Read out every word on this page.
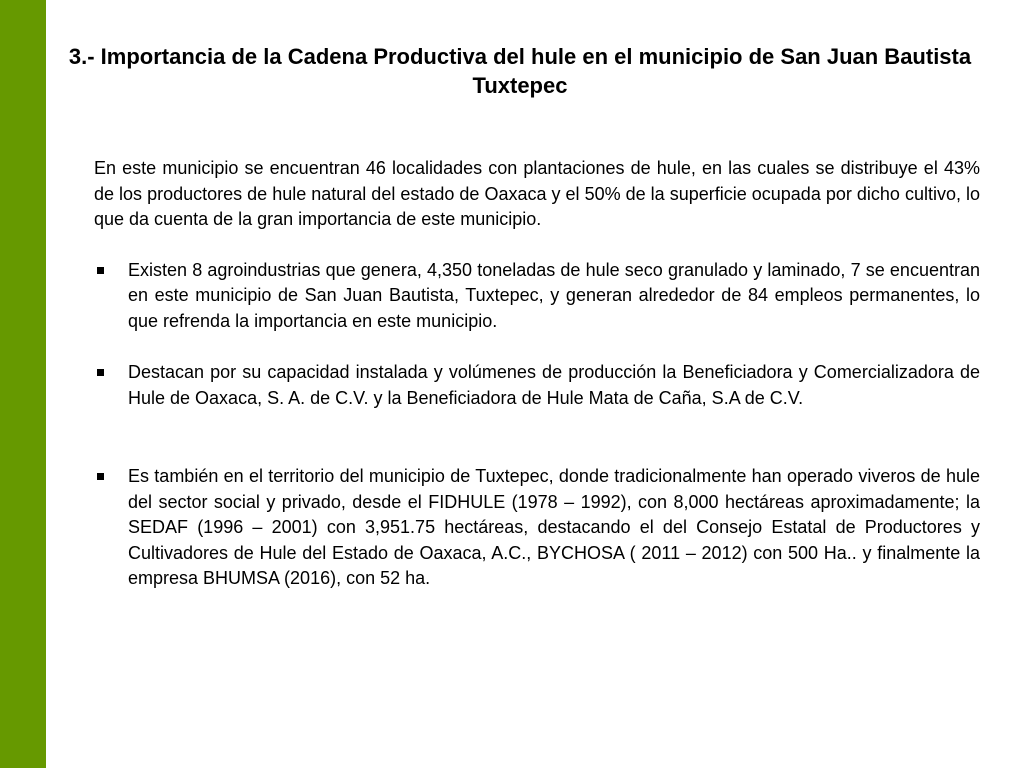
3.- Importancia de la Cadena Productiva del hule en el municipio de San Juan Bautista Tuxtepec

En este municipio se encuentran 46 localidades con plantaciones de hule, en las cuales se distribuye el 43% de los productores de hule natural del estado de Oaxaca y el 50% de la superficie ocupada por dicho cultivo, lo que da cuenta de la gran importancia de este municipio.

Existen 8 agroindustrias que genera, 4,350 toneladas de hule seco granulado y laminado, 7 se encuentran en este municipio de San Juan Bautista, Tuxtepec, y generan alrededor de 84 empleos permanentes, lo que refrenda la importancia en este municipio.
Destacan por su capacidad instalada y volúmenes de producción la Beneficiadora y Comercializadora de Hule de Oaxaca, S. A. de C.V. y la Beneficiadora de Hule Mata de Caña, S.A de C.V.
Es también en el territorio del municipio de Tuxtepec, donde tradicionalmente han operado viveros de hule del sector social y privado, desde el FIDHULE (1978 – 1992), con 8,000 hectáreas aproximadamente; la SEDAF (1996 – 2001) con 3,951.75 hectáreas, destacando el del Consejo Estatal de Productores y Cultivadores de Hule del Estado de Oaxaca, A.C., BYCHOSA ( 2011 – 2012) con 500 Ha.. y finalmente la empresa BHUMSA (2016), con 52 ha.
